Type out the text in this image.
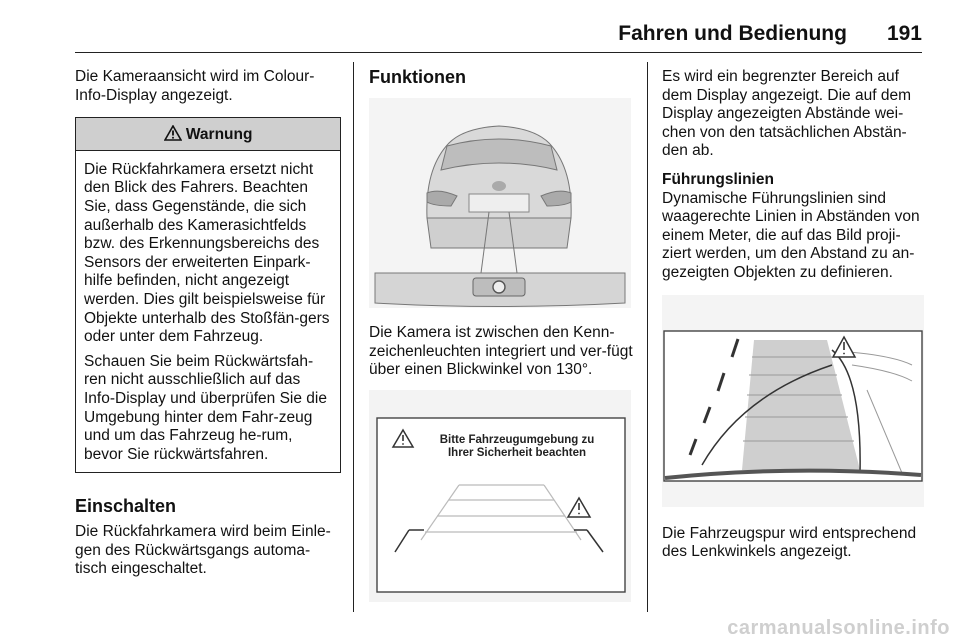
Fahren und Bedienung 191

Die Kameraansicht wird im Colour-Info-Display angezeigt.

Warnung

Die Rückfahrkamera ersetzt nicht den Blick des Fahrers. Beachten Sie, dass Gegenstände, die sich außerhalb des Kamerasichtfelds bzw. des Erkennungsbereichs des Sensors der erweiterten Einpark-hilfe befinden, nicht angezeigt werden. Dies gilt beispielsweise für Objekte unterhalb des Stoßfän-gers oder unter dem Fahrzeug.

Schauen Sie beim Rückwärtsfah-ren nicht ausschließlich auf das Info-Display und überprüfen Sie die Umgebung hinter dem Fahr-zeug und um das Fahrzeug he-rum, bevor Sie rückwärtsfahren.

Einschalten

Die Rückfahrkamera wird beim Einle-gen des Rückwärtsgangs automa-tisch eingeschaltet.

Funktionen

Die Kamera ist zwischen den Kenn-zeichenleuchten integriert und ver-fügt über einen Blickwinkel von 130°.

Bitte Fahrzeugumgebung zu
Ihrer Sicherheit beachten

Es wird ein begrenzter Bereich auf dem Display angezeigt. Die auf dem Display angezeigten Abstände wei-chen von den tatsächlichen Abstän-den ab.

Führungslinien

Dynamische Führungslinien sind waagerechte Linien in Abständen von einem Meter, die auf das Bild proji-ziert werden, um den Abstand zu an-gezeigten Objekten zu definieren.

Die Fahrzeugspur wird entsprechend des Lenkwinkels angezeigt.

carmanualsonline.info
